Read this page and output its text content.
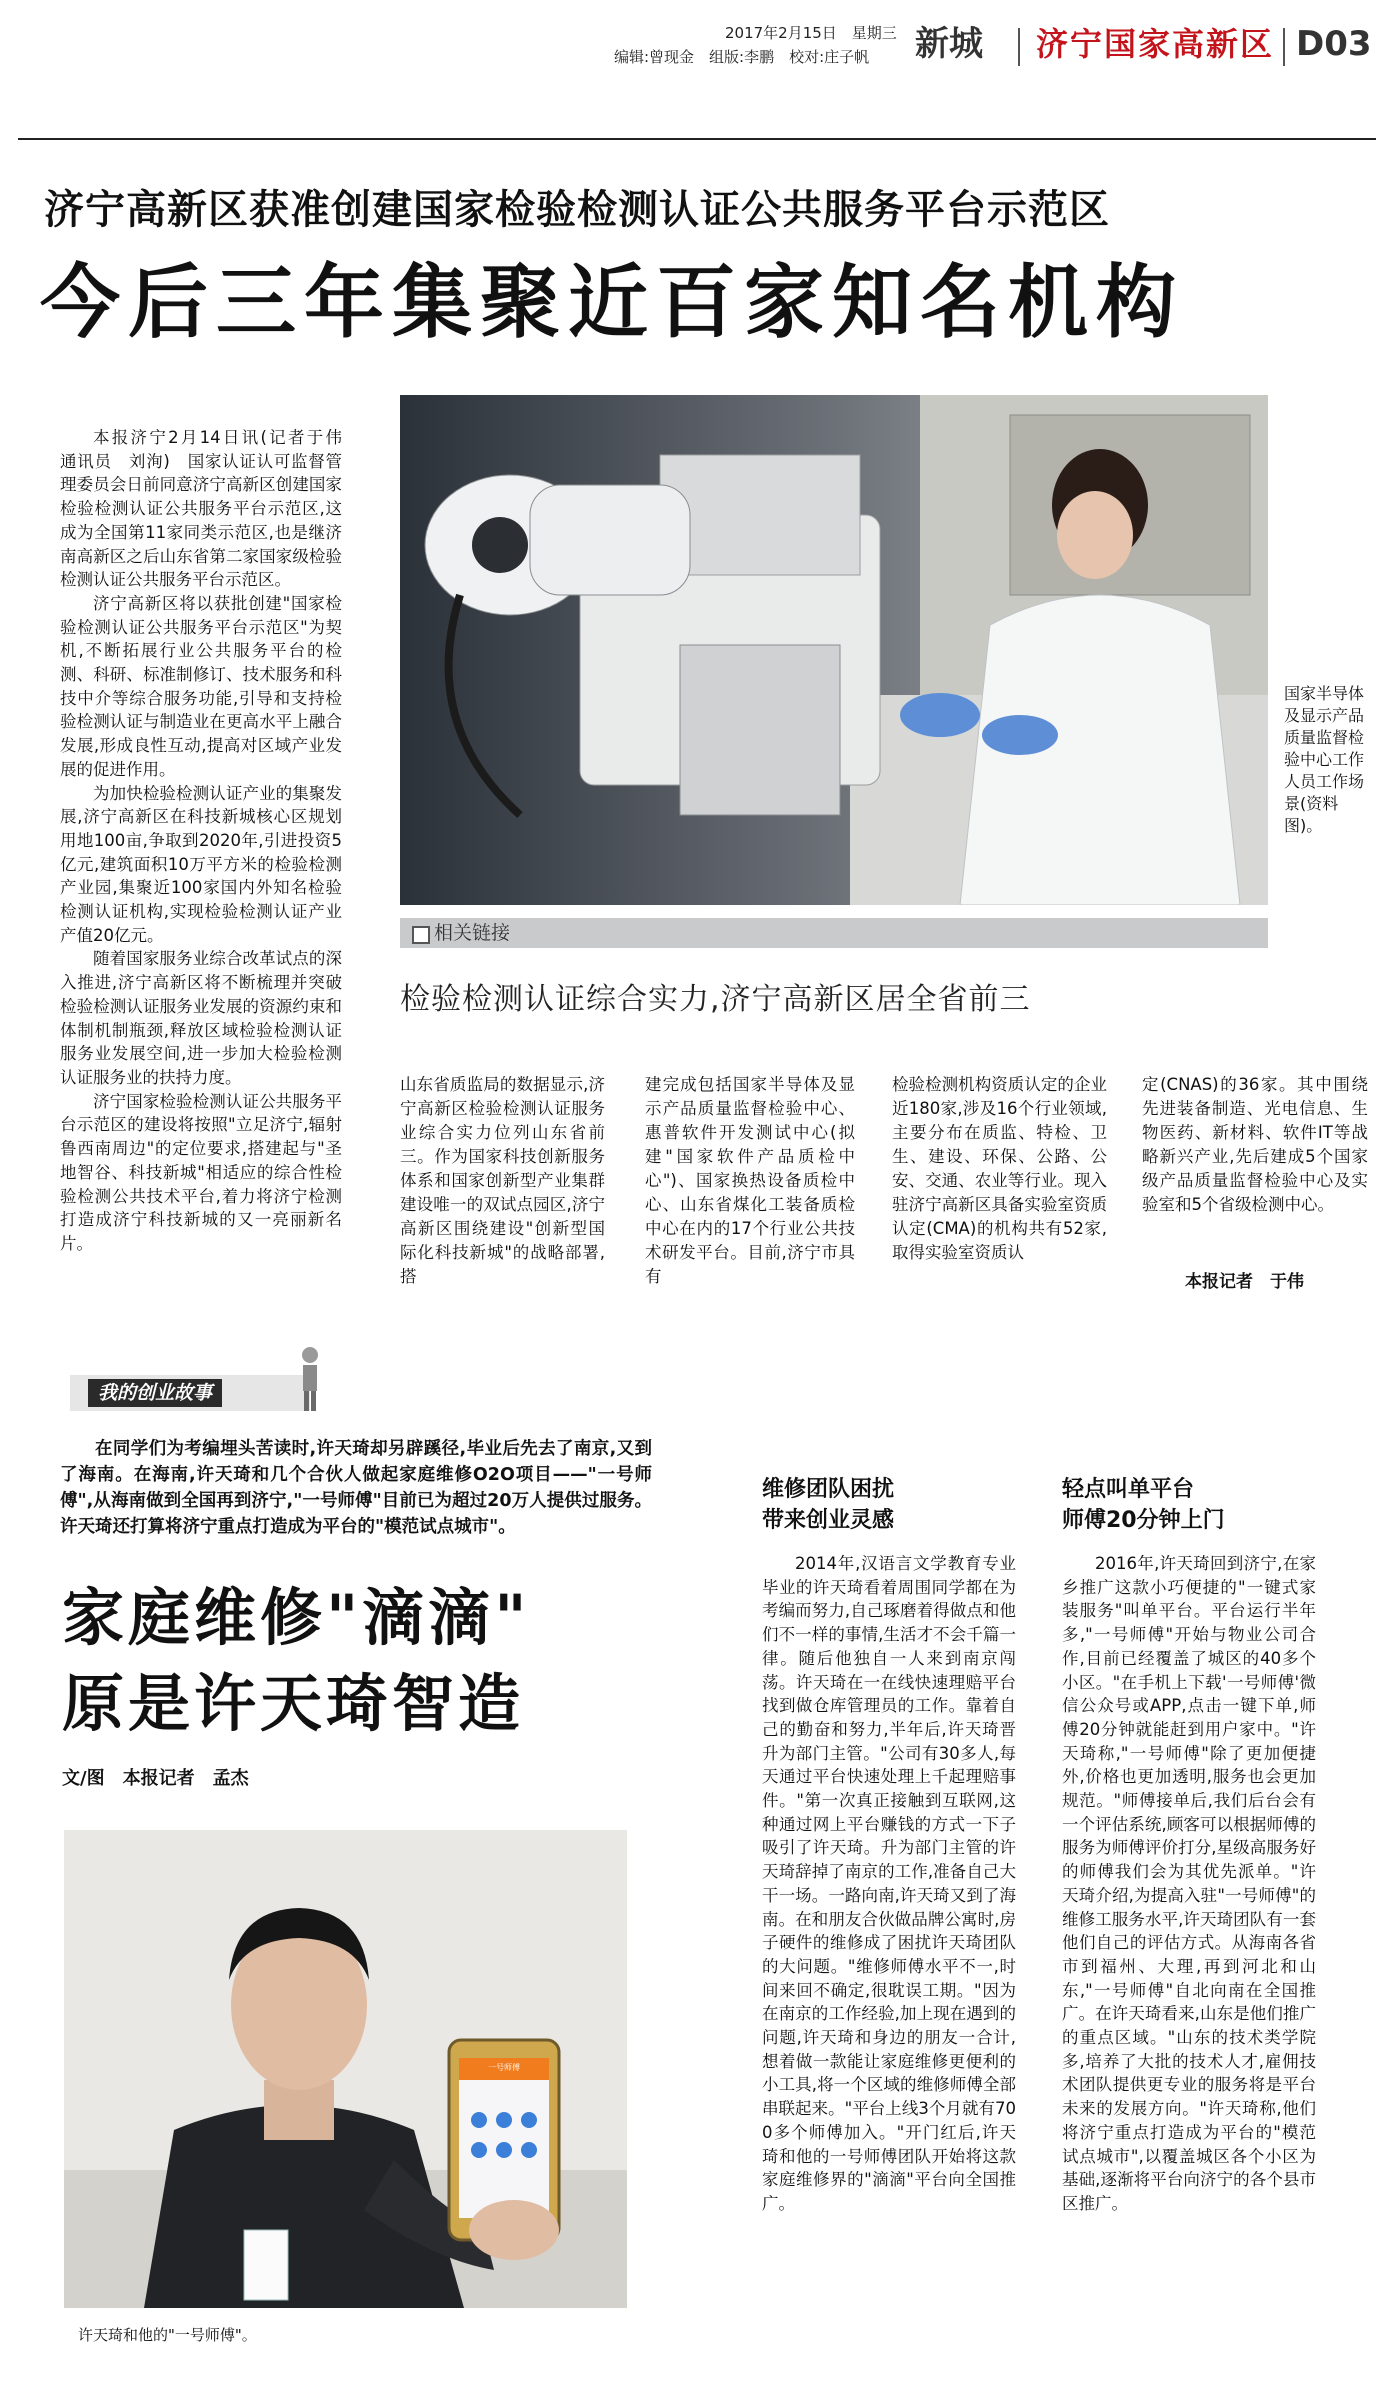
2017年2月15日　星期三
编辑:曾现金　组版:李鹏　校对:庄子帆 新城 济宁国家高新区 D03
济宁高新区获准创建国家检验检测认证公共服务平台示范区
今后三年集聚近百家知名机构

本报济宁2月14日讯(记者于伟　通讯员　刘洵)　国家认证认可监督管理委员会日前同意济宁高新区创建国家检验检测认证公共服务平台示范区,这成为全国第11家同类示范区,也是继济南高新区之后山东省第二家国家级检验检测认证公共服务平台示范区。

济宁高新区将以获批创建"国家检验检测认证公共服务平台示范区"为契机,不断拓展行业公共服务平台的检测、科研、标准制修订、技术服务和科技中介等综合服务功能,引导和支持检验检测认证与制造业在更高水平上融合发展,形成良性互动,提高对区域产业发展的促进作用。

为加快检验检测认证产业的集聚发展,济宁高新区在科技新城核心区规划用地100亩,争取到2020年,引进投资5亿元,建筑面积10万平方米的检验检测产业园,集聚近100家国内外知名检验检测认证机构,实现检验检测认证产业产值20亿元。

随着国家服务业综合改革试点的深入推进,济宁高新区将不断梳理并突破检验检测认证服务业发展的资源约束和体制机制瓶颈,释放区域检验检测认证服务业发展空间,进一步加大检验检测认证服务业的扶持力度。

济宁国家检验检测认证公共服务平台示范区的建设将按照"立足济宁,辐射鲁西南周边"的定位要求,搭建起与"圣地智谷、科技新城"相适应的综合性检验检测公共技术平台,着力将济宁检测打造成济宁科技新城的又一亮丽新名片。

国家半导体及显示产品质量监督检验中心工作人员工作场景(资料图)。
相关链接
检验检测认证综合实力,济宁高新区居全省前三
山东省质监局的数据显示,济宁高新区检验检测认证服务业综合实力位列山东省前三。作为国家科技创新服务体系和国家创新型产业集群建设唯一的双试点园区,济宁高新区围绕建设"创新型国际化科技新城"的战略部署,搭
建完成包括国家半导体及显示产品质量监督检验中心、惠普软件开发测试中心(拟建"国家软件产品质检中心")、国家换热设备质检中心、山东省煤化工装备质检中心在内的17个行业公共技术研发平台。目前,济宁市具有
检验检测机构资质认定的企业近180家,涉及16个行业领域,主要分布在质监、特检、卫生、建设、环保、公路、公安、交通、农业等行业。现入驻济宁高新区具备实验室资质认定(CMA)的机构共有52家,取得实验室资质认
定(CNAS)的36家。其中围绕先进装备制造、光电信息、生物医药、新材料、软件IT等战略新兴产业,先后建成5个国家级产品质量监督检验中心及实验室和5个省级检测中心。
本报记者　于伟
我的创业故事

在同学们为考编埋头苦读时,许天琦却另辟蹊径,毕业后先去了南京,又到了海南。在海南,许天琦和几个合伙人做起家庭维修O2O项目——"一号师傅",从海南做到全国再到济宁,"一号师傅"目前已为超过20万人提供过服务。许天琦还打算将济宁重点打造成为平台的"模范试点城市"。

家庭维修"滴滴"
原是许天琦智造
文/图　本报记者　孟杰
一号师傅
许天琦和他的"一号师傅"。
维修团队困扰
带来创业灵感

2014年,汉语言文学教育专业毕业的许天琦看着周围同学都在为考编而努力,自己琢磨着得做点和他们不一样的事情,生活才不会千篇一律。随后他独自一人来到南京闯荡。许天琦在一在线快速理赔平台找到做仓库管理员的工作。靠着自己的勤奋和努力,半年后,许天琦晋升为部门主管。"公司有30多人,每天通过平台快速处理上千起理赔事件。"第一次真正接触到互联网,这种通过网上平台赚钱的方式一下子吸引了许天琦。升为部门主管的许天琦辞掉了南京的工作,准备自己大干一场。一路向南,许天琦又到了海南。在和朋友合伙做品牌公寓时,房子硬件的维修成了困扰许天琦团队的大问题。"维修师傅水平不一,时间来回不确定,很耽误工期。"因为在南京的工作经验,加上现在遇到的问题,许天琦和身边的朋友一合计,想着做一款能让家庭维修更便利的小工具,将一个区域的维修师傅全部串联起来。"平台上线3个月就有700多个师傅加入。"开门红后,许天琦和他的一号师傅团队开始将这款家庭维修界的"滴滴"平台向全国推广。

轻点叫单平台
师傅20分钟上门

2016年,许天琦回到济宁,在家乡推广这款小巧便捷的"一键式家装服务"叫单平台。平台运行半年多,"一号师傅"开始与物业公司合作,目前已经覆盖了城区的40多个小区。"在手机上下载'一号师傅'微信公众号或APP,点击一键下单,师傅20分钟就能赶到用户家中。"许天琦称,"一号师傅"除了更加便捷外,价格也更加透明,服务也会更加规范。"师傅接单后,我们后台会有一个评估系统,顾客可以根据师傅的服务为师傅评价打分,星级高服务好的师傅我们会为其优先派单。"许天琦介绍,为提高入驻"一号师傅"的维修工服务水平,许天琦团队有一套他们自己的评估方式。从海南各省市到福州、大理,再到河北和山东,"一号师傅"自北向南在全国推广。在许天琦看来,山东是他们推广的重点区域。"山东的技术类学院多,培养了大批的技术人才,雇佣技术团队提供更专业的服务将是平台未来的发展方向。"许天琦称,他们将济宁重点打造成为平台的"模范试点城市",以覆盖城区各个小区为基础,逐渐将平台向济宁的各个县市区推广。
